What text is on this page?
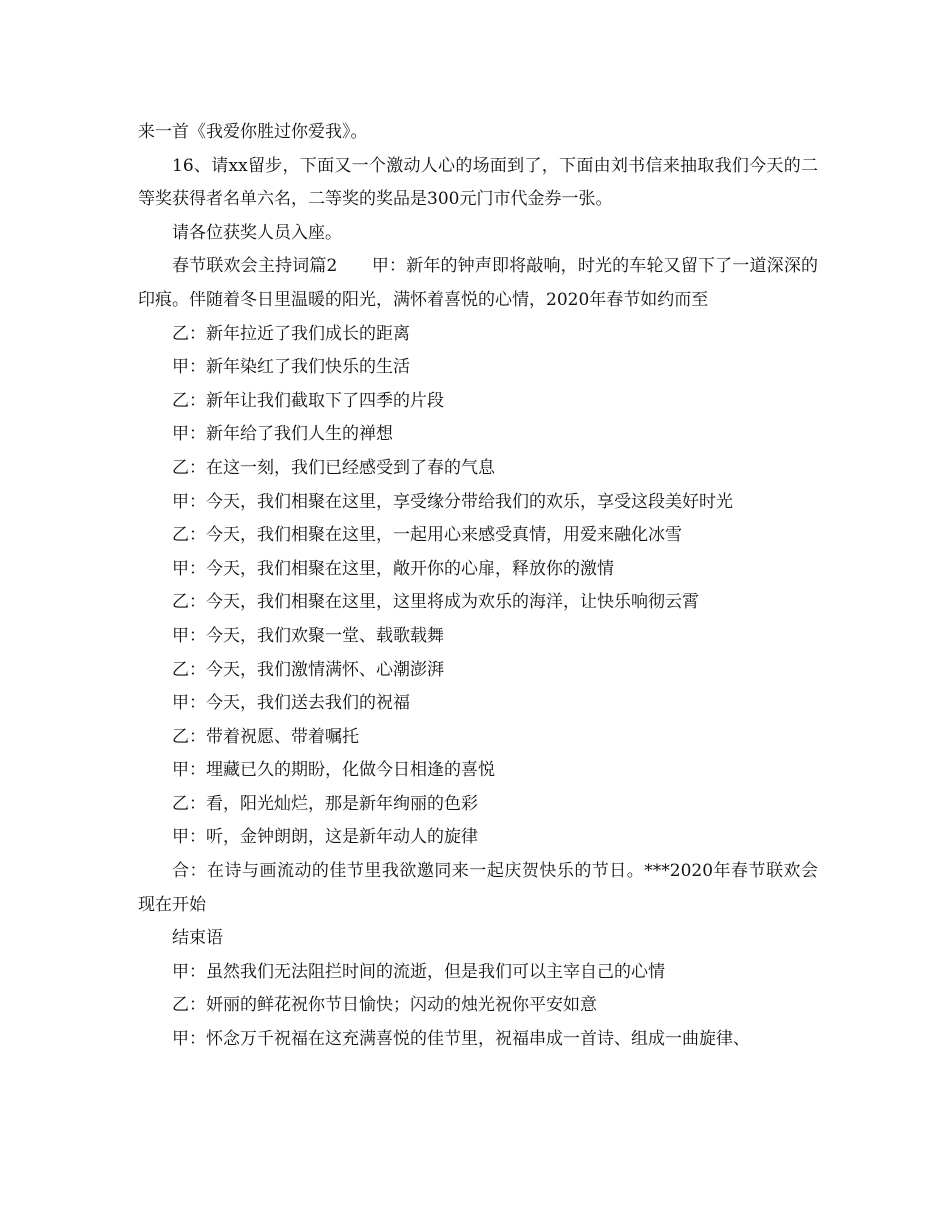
来一首《我爱你胜过你爱我》。

16、请xx留步，下面又一个激动人心的场面到了，下面由刘书信来抽取我们今天的二等奖获得者名单六名，二等奖的奖品是300元门市代金券一张。

请各位获奖人员入座。

春节联欢会主持词篇2　　甲：新年的钟声即将敲响，时光的车轮又留下了一道深深的印痕。伴随着冬日里温暖的阳光，满怀着喜悦的心情，2020年春节如约而至

乙：新年拉近了我们成长的距离

甲：新年染红了我们快乐的生活

乙：新年让我们截取下了四季的片段

甲：新年给了我们人生的禅想

乙：在这一刻，我们已经感受到了春的气息

甲：今天，我们相聚在这里，享受缘分带给我们的欢乐，享受这段美好时光

乙：今天，我们相聚在这里，一起用心来感受真情，用爱来融化冰雪

甲：今天，我们相聚在这里，敞开你的心扉，释放你的激情

乙：今天，我们相聚在这里，这里将成为欢乐的海洋，让快乐响彻云霄

甲：今天，我们欢聚一堂、载歌载舞

乙：今天，我们激情满怀、心潮澎湃

甲：今天，我们送去我们的祝福

乙：带着祝愿、带着嘱托

甲：埋藏已久的期盼，化做今日相逢的喜悦

乙：看，阳光灿烂，那是新年绚丽的色彩

甲：听，金钟朗朗，这是新年动人的旋律

合：在诗与画流动的佳节里我欲邀同来一起庆贺快乐的节日。***2020年春节联欢会现在开始

结束语

甲：虽然我们无法阻拦时间的流逝，但是我们可以主宰自己的心情

乙：妍丽的鲜花祝你节日愉快；闪动的烛光祝你平安如意

甲：怀念万千祝福在这充满喜悦的佳节里，祝福串成一首诗、组成一曲旋律、
